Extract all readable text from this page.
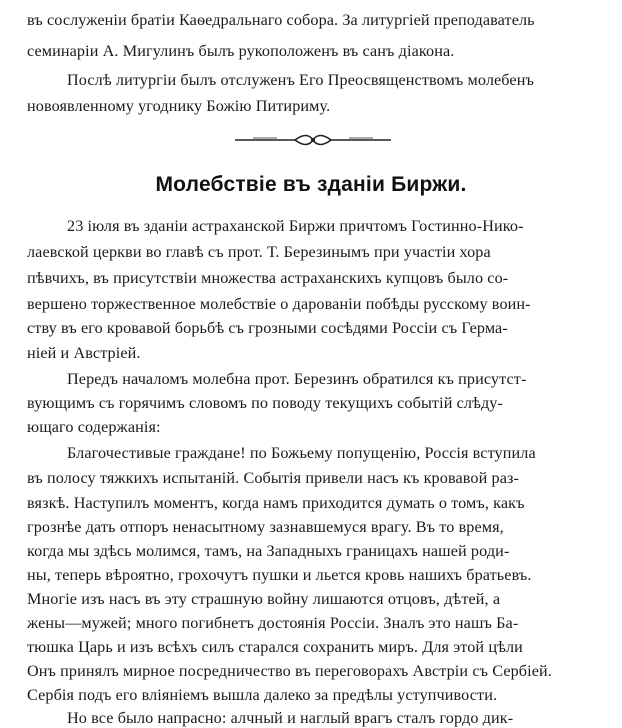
въ сослуженіи братіи Каѳедральнаго собора. За литургіей преподаватель
семинаріи А. Мигулинъ былъ рукоположенъ въ санъ діакона.
Послѣ литургіи былъ отслуженъ Его Преосвященствомъ молебенъ
новоявленному угоднику Божію Питириму.
Молебствіе въ зданіи Биржи.
23 іюля въ зданіи астраханской Биржи причтомъ Гостинно-Нико-
лаевской церкви во главѣ съ прот. Т. Березинымъ при участіи хора
пѣвчихъ, въ присутствіи множества астраханскихъ купцовъ было со-
вершено торжественное молебствіе о дарованіи побѣды русскому воин-
ству въ его кровавой борьбѣ съ грозными сосѣдями Россіи съ Герма-
ніей и Австріей.
Передъ началомъ молебна прот. Березинъ обратился къ присутст-
вующимъ съ горячимъ словомъ по поводу текущихъ событій слѣду-
ющаго содержанія:
Благочестивые граждане! по Божьему попущенію, Россія вступила
въ полосу тяжкихъ испытаній. Событія привели насъ къ кровавой раз-
вязкѣ. Наступилъ моментъ, когда намъ приходится думать о томъ, какъ
грознѣе дать отпоръ ненасытному зазнавшемуся врагу. Въ то время,
когда мы здѣсь молимся, тамъ, на Западныхъ границахъ нашей роди-
ны, теперь вѣроятно, грохочутъ пушки и льется кровь нашихъ братьевъ.
Многіе изъ насъ въ эту страшную войну лишаются отцовъ, дѣтей, а
жены—мужей; много погибнетъ достоянія Россіи. Зналъ это нашъ Ба-
тюшка Царь и изъ всѣхъ силъ старался сохранить миръ. Для этой цѣли
Онъ принялъ мирное посредничество въ переговорахъ Австріи съ Сербіей.
Сербія подъ его вліяніемъ вышла далеко за предѣлы уступчивости.
Но все было напрасно: алчный и наглый врагъ сталъ гордо дик-
